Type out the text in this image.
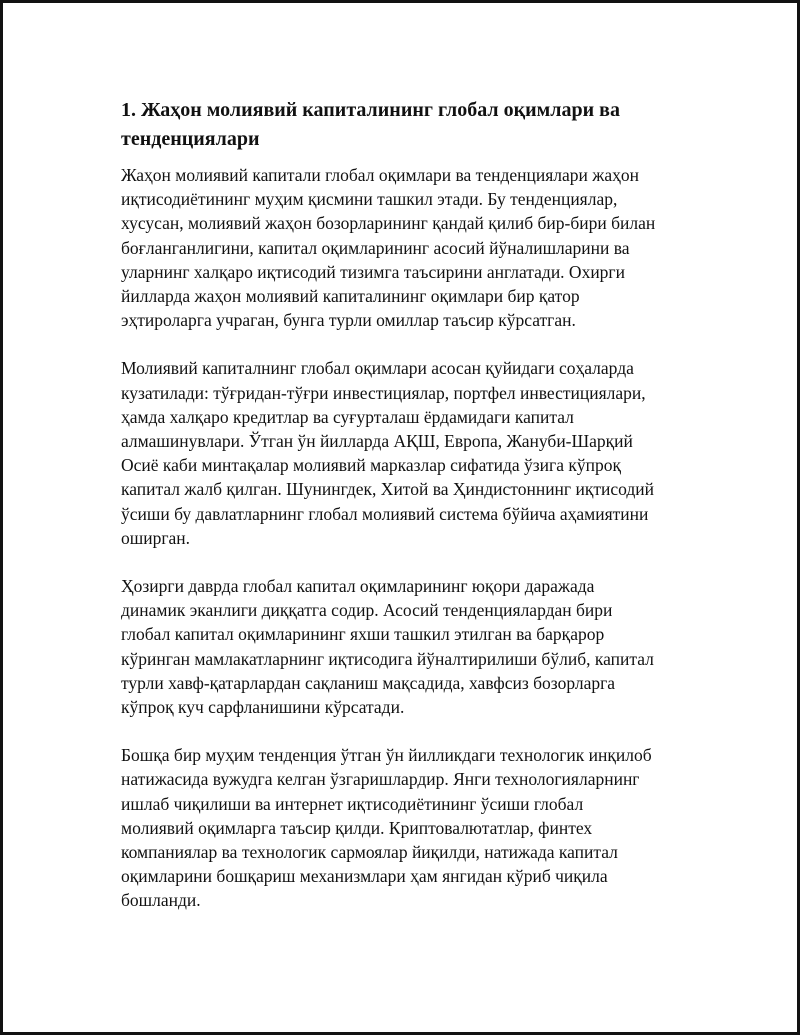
1. Жаҳон молиявий капиталининг глобал оқимлари ва
тенденциялари

Жаҳон молиявий капитали глобал оқимлари ва тенденциялари жаҳон
иқтисодиётининг муҳим қисмини ташкил этади. Бу тенденциялар,
хусусан, молиявий жаҳон бозорларининг қандай қилиб бир-бири билан
боғланганлигини, капитал оқимларининг асосий йўналишларини ва
уларнинг халқаро иқтисодий тизимга таъсирини англатади. Охирги
йилларда жаҳон молиявий капиталининг оқимлари бир қатор
эҳтироларга учраган, бунга турли омиллар таъсир кўрсатган.

Молиявий капиталнинг глобал оқимлари асосан қуйидаги соҳаларда
кузатилади: тўғридан-тўғри инвестициялар, портфел инвестициялари,
ҳамда халқаро кредитлар ва суғурталаш ёрдамидаги капитал
алмашинувлари. Ўтган ўн йилларда АҚШ, Европа, Жануби-Шарқий
Осиё каби минтақалар молиявий марказлар сифатида ўзига кўпроқ
капитал жалб қилган. Шунингдек, Хитой ва Ҳиндистоннинг иқтисодий
ўсиши бу давлатларнинг глобал молиявий система бўйича аҳамиятини
оширган.

Ҳозирги даврда глобал капитал оқимларининг юқори даражада
динамик эканлиги диққатга содир. Асосий тенденциялардан бири
глобал капитал оқимларининг яхши ташкил этилган ва барқарор
кўринган мамлакатларнинг иқтисодига йўналтирилиши бўлиб, капитал
турли хавф-қатарлардан сақланиш мақсадида, хавфсиз бозорларга
кўпроқ куч сарфланишини кўрсатади.

Бошқа бир муҳим тенденция ўтган ўн йилликдаги технологик инқилоб
натижасида вужудга келган ўзгаришлардир. Янги технологияларнинг
ишлаб чиқилиши ва интернет иқтисодиётининг ўсиши глобал
молиявий оқимларга таъсир қилди. Криптовалютатлар, финтех
компаниялар ва технологик сармоялар йиқилди, натижада капитал
оқимларини бошқариш механизмлари ҳам янгидан кўриб чиқила
бошланди.
